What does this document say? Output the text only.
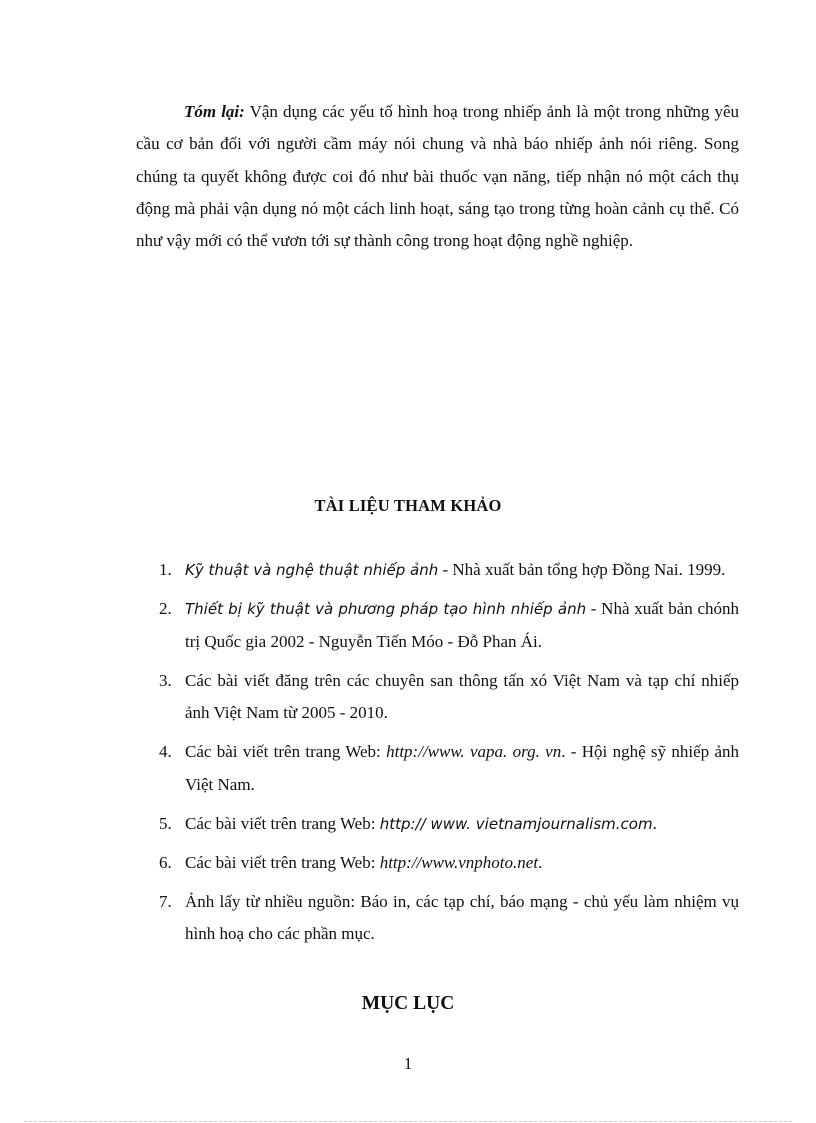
Tóm lại: Vận dụng các yếu tố hình hoạ trong nhiếp ảnh là một trong những yêu cầu cơ bản đối với người cầm máy nói chung và nhà báo nhiếp ảnh nói riêng. Song chúng ta quyết không được coi đó như bài thuốc vạn năng, tiếp nhận nó một cách thụ động mà phải vận dụng nó một cách linh hoạt, sáng tạo trong từng hoàn cảnh cụ thể. Có như vậy mới có thể vươn tới sự thành công trong hoạt động nghề nghiệp.

TÀI LIỆU THAM KHẢO
1. Kỹ thuật và nghệ thuật nhiếp ảnh - Nhà xuất bản tổng hợp Đồng Nai. 1999.
2. Thiết bị kỹ thuật và phương pháp tạo hình nhiếp ảnh - Nhà xuất bản chónh trị Quốc gia 2002 - Nguyễn Tiến Móo - Đỗ Phan Ái.
3. Các bài viết đăng trên các chuyên san thông tấn xó Việt Nam và tạp chí nhiếp ảnh Việt Nam từ 2005 - 2010.
4. Các bài viết trên trang Web: http://www. vapa. org. vn. - Hội nghệ sỹ nhiếp ảnh Việt Nam.
5. Các bài viết trên trang Web: http:// www. vietnamjournalism.com.
6. Các bài viết trên trang Web: http://www.vnphoto.net.
7. Ảnh lấy từ nhiều nguồn: Báo in, các tạp chí, báo mạng - chủ yếu làm nhiệm vụ hình hoạ cho các phần mục.
MỤC LỤC
1
